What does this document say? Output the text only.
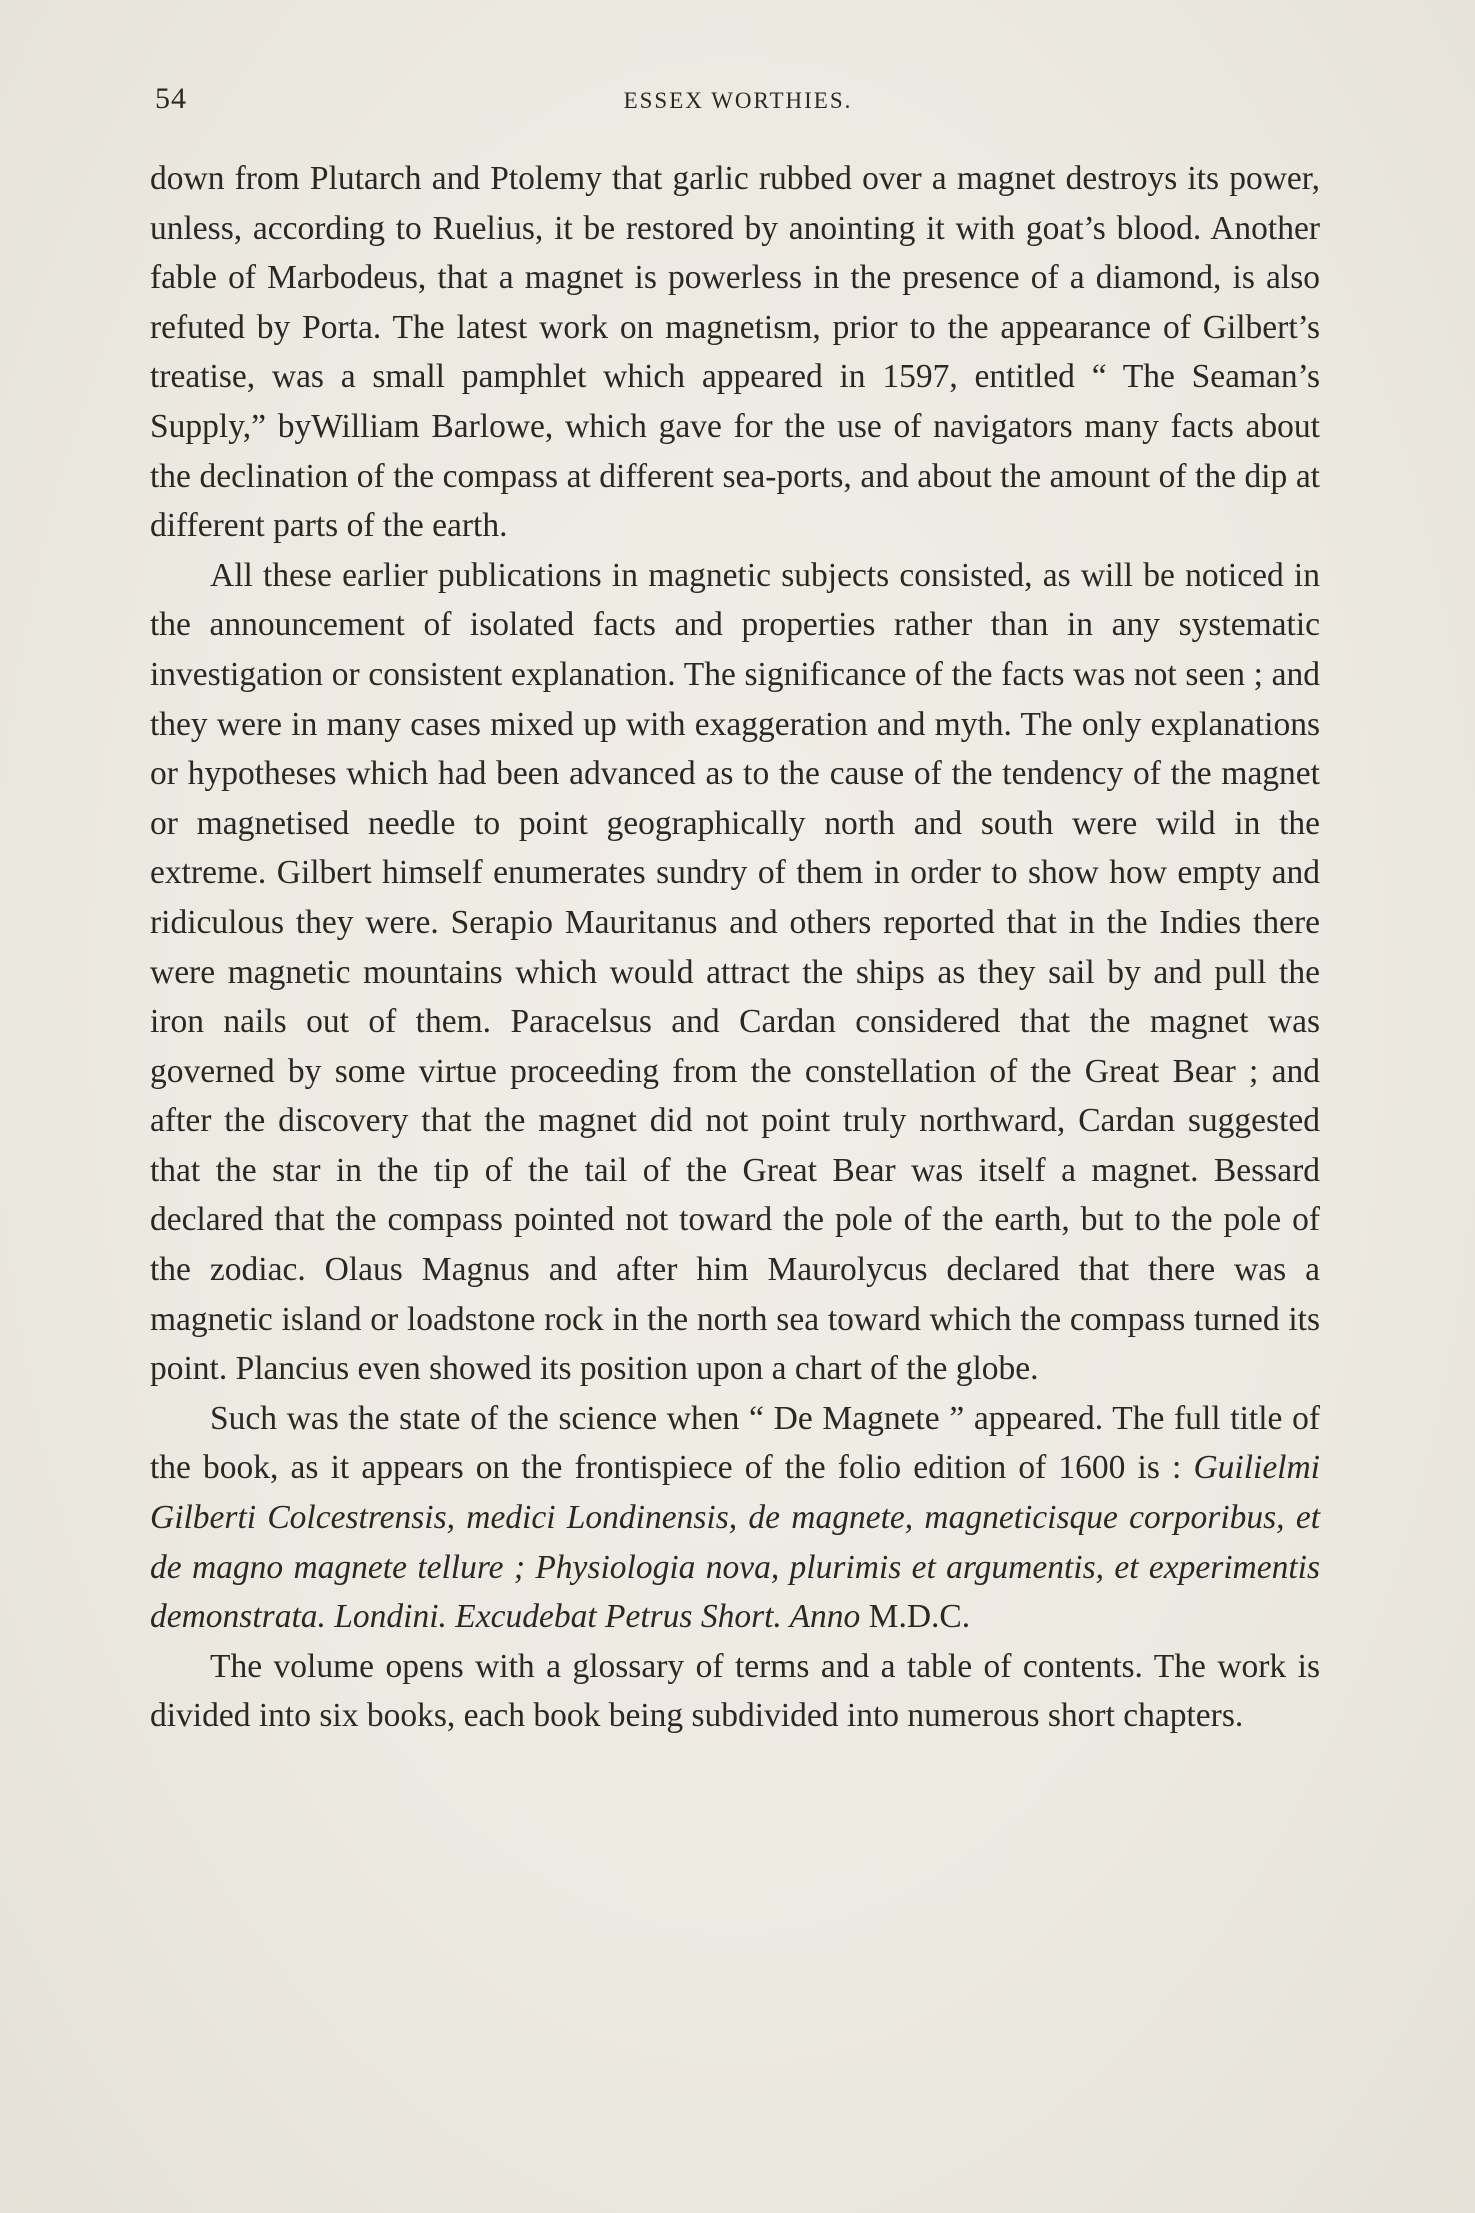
54	ESSEX WORTHIES.

down from Plutarch and Ptolemy that garlic rubbed over a magnet destroys its power, unless, according to Ruelius, it be restored by anointing it with goat’s blood. Another fable of Marbodeus, that a magnet is powerless in the presence of a diamond, is also refuted by Porta. The latest work on magnetism, prior to the appearance of Gilbert’s treatise, was a small pamphlet which appeared in 1597, entitled “ The Seaman’s Supply,” byWilliam Barlowe, which gave for the use of navigators many facts about the declination of the compass at different sea-ports, and about the amount of the dip at different parts of the earth.

All these earlier publications in magnetic subjects consisted, as will be noticed in the announcement of isolated facts and properties rather than in any systematic investigation or consistent explanation. The significance of the facts was not seen ; and they were in many cases mixed up with exaggeration and myth. The only explanations or hypotheses which had been advanced as to the cause of the tendency of the magnet or magnetised needle to point geographically north and south were wild in the extreme. Gilbert himself enumerates sundry of them in order to show how empty and ridiculous they were. Serapio Mauritanus and others reported that in the Indies there were magnetic mountains which would attract the ships as they sail by and pull the iron nails out of them. Paracelsus and Cardan considered that the magnet was governed by some virtue proceeding from the constellation of the Great Bear ; and after the discovery that the magnet did not point truly northward, Cardan suggested that the star in the tip of the tail of the Great Bear was itself a magnet. Bessard declared that the compass pointed not toward the pole of the earth, but to the pole of the zodiac. Olaus Magnus and after him Maurolycus declared that there was a magnetic island or loadstone rock in the north sea toward which the compass turned its point. Plancius even showed its position upon a chart of the globe.

Such was the state of the science when “ De Magnete ” appeared. The full title of the book, as it appears on the frontispiece of the folio edition of 1600 is : Guilielmi Gilberti Colcestrensis, medici Londinensis, de magnete, magneticisque corporibus, et de magno magnete tellure ; Physiologia nova, plurimis et argumentis, et experimentis demonstrata. Londini. Excudebat Petrus Short. Anno M.D.C.

The volume opens with a glossary of terms and a table of contents. The work is divided into six books, each book being subdivided into numerous short chapters.
